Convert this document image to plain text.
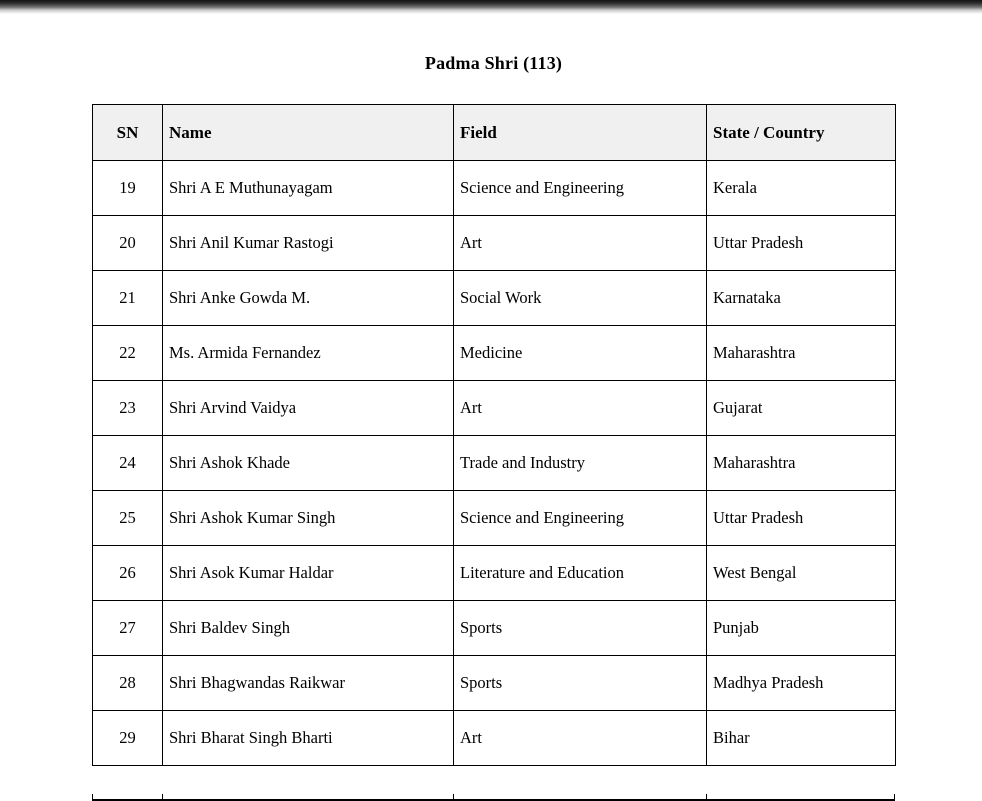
Padma Shri (113)
SN	Name	Field	State / Country
19	Shri A E Muthunayagam	Science and Engineering	Kerala
20	Shri Anil Kumar Rastogi	Art	Uttar Pradesh
21	Shri Anke Gowda M.	Social Work	Karnataka
22	Ms. Armida Fernandez	Medicine	Maharashtra
23	Shri Arvind Vaidya	Art	Gujarat
24	Shri Ashok Khade	Trade and Industry	Maharashtra
25	Shri Ashok Kumar Singh	Science and Engineering	Uttar Pradesh
26	Shri Asok Kumar Haldar	Literature and Education	West Bengal
27	Shri Baldev Singh	Sports	Punjab
28	Shri Bhagwandas Raikwar	Sports	Madhya Pradesh
29	Shri Bharat Singh Bharti	Art	Bihar
